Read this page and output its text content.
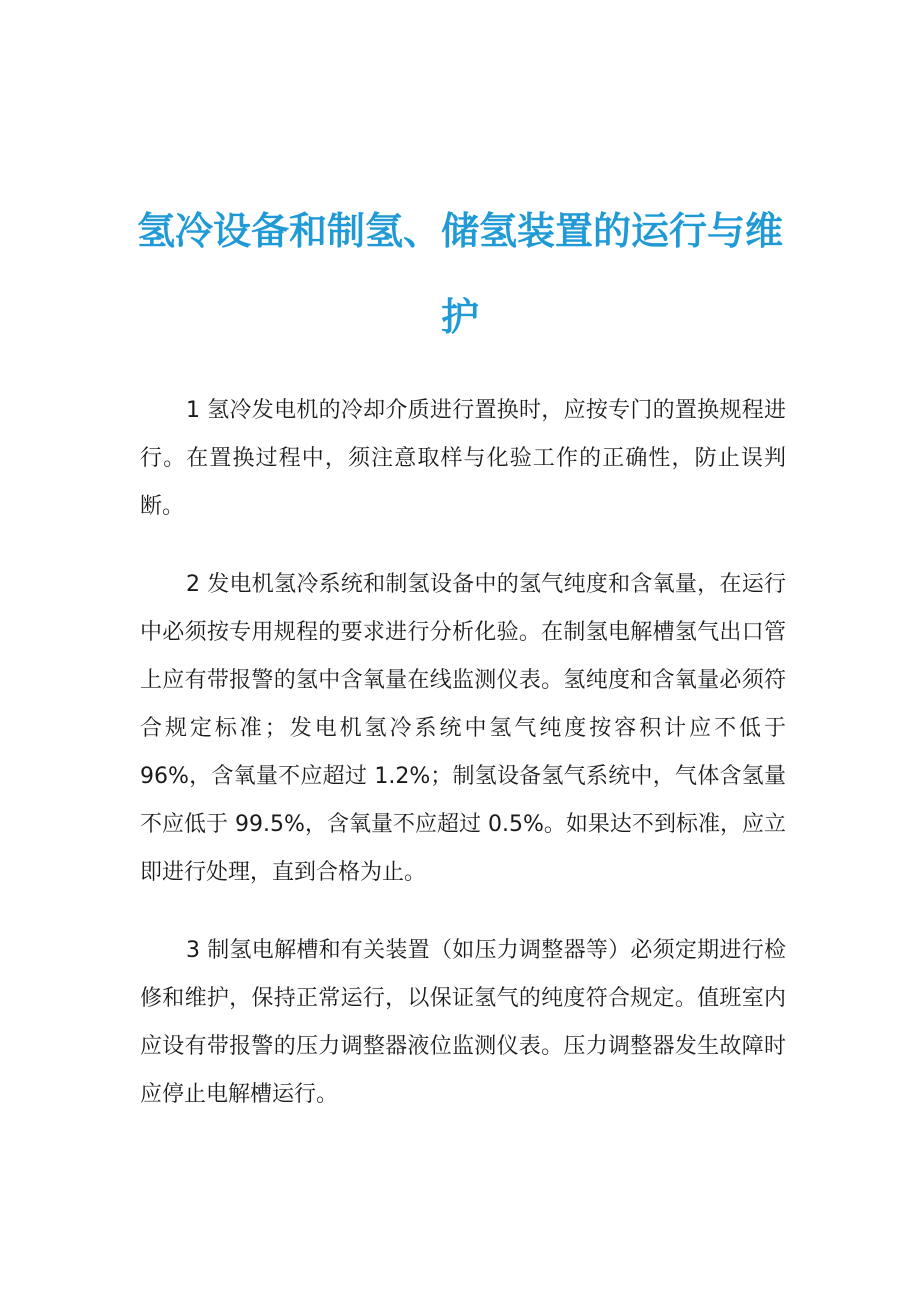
氢冷设备和制氢、储氢装置的运行与维护

1 氢冷发电机的冷却介质进行置换时，应按专门的置换规程进行。在置换过程中，须注意取样与化验工作的正确性，防止误判断。

2 发电机氢冷系统和制氢设备中的氢气纯度和含氧量，在运行中必须按专用规程的要求进行分析化验。在制氢电解槽氢气出口管上应有带报警的氢中含氧量在线监测仪表。氢纯度和含氧量必须符合规定标准；发电机氢冷系统中氢气纯度按容积计应不低于 96%，含氧量不应超过 1.2%；制氢设备氢气系统中，气体含氢量不应低于 99.5%，含氧量不应超过 0.5%。如果达不到标准，应立即进行处理，直到合格为止。

3 制氢电解槽和有关装置（如压力调整器等）必须定期进行检修和维护，保持正常运行，以保证氢气的纯度符合规定。值班室内应设有带报警的压力调整器液位监测仪表。压力调整器发生故障时应停止电解槽运行。
